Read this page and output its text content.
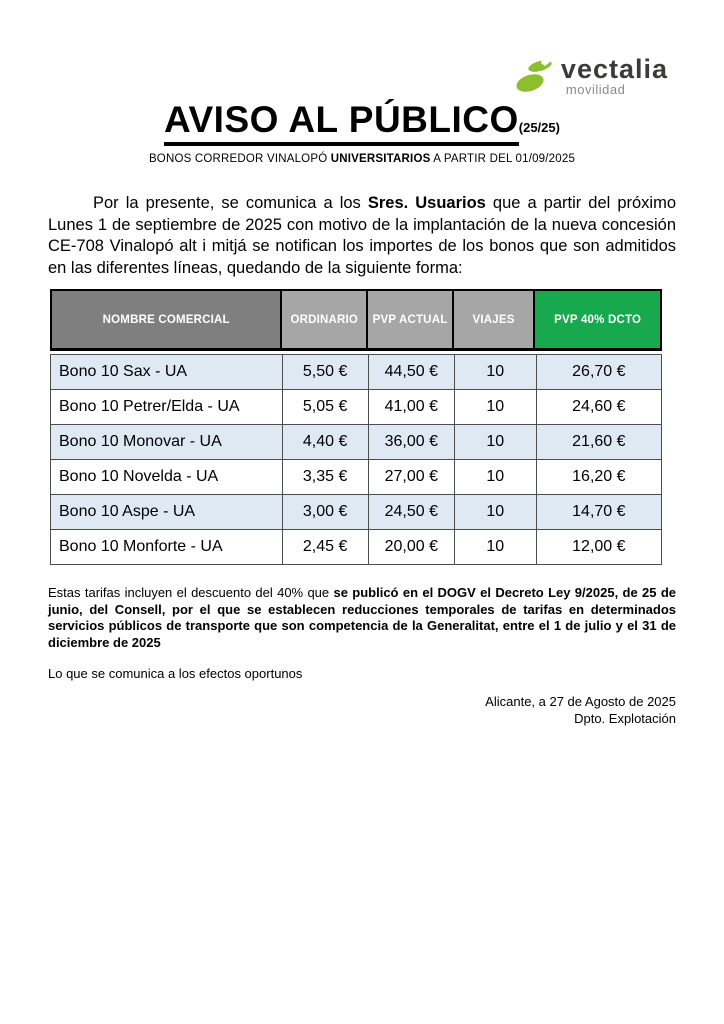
vectalia
movilidad
AVISO AL PÚBLICO(25/25)
BONOS CORREDOR VINALOPÓ UNIVERSITARIOS A PARTIR DEL 01/09/2025

Por la presente, se comunica a los Sres. Usuarios que a partir del próximo Lunes 1 de septiembre de 2025 con motivo de la implantación de la nueva concesión CE-708 Vinalopó alt i mitjá se notifican los importes de los bonos que son admitidos en las diferentes líneas, quedando de la siguiente forma:

NOMBRE COMERCIAL	ORDINARIO	PVP ACTUAL	VIAJES	PVP 40% DCTO
Bono 10 Sax - UA	5,50 €	44,50 €	10	26,70 €
Bono 10 Petrer/Elda - UA	5,05 €	41,00 €	10	24,60 €
Bono 10 Monovar - UA	4,40 €	36,00 €	10	21,60 €
Bono 10 Novelda - UA	3,35 €	27,00 €	10	16,20 €
Bono 10 Aspe - UA	3,00 €	24,50 €	10	14,70 €
Bono 10 Monforte - UA	2,45 €	20,00 €	10	12,00 €

Estas tarifas incluyen el descuento del 40% que se publicó en el DOGV el Decreto Ley 9/2025, de 25 de junio, del Consell, por el que se establecen reducciones temporales de tarifas en determinados servicios públicos de transporte que son competencia de la Generalitat, entre el 1 de julio y el 31 de diciembre de 2025

Lo que se comunica a los efectos oportunos

Alicante, a 27 de Agosto de 2025
Dpto. Explotación
